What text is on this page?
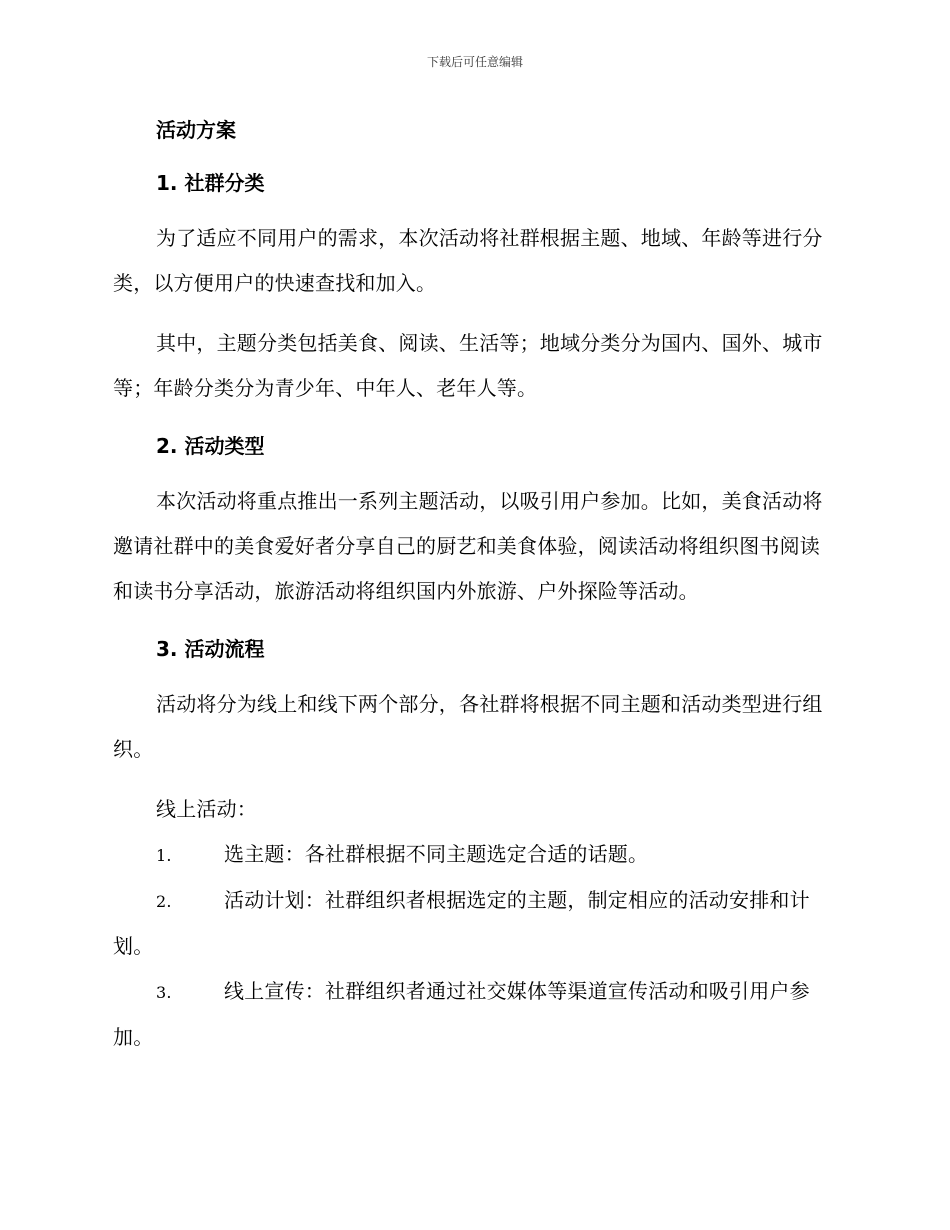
下载后可任意编辑
活动方案
1. 社群分类

为了适应不同用户的需求，本次活动将社群根据主题、地域、年龄等进行分类，以方便用户的快速查找和加入。

其中，主题分类包括美食、阅读、生活等；地域分类分为国内、国外、城市等；年龄分类分为青少年、中年人、老年人等。

2. 活动类型

本次活动将重点推出一系列主题活动，以吸引用户参加。比如，美食活动将邀请社群中的美食爱好者分享自己的厨艺和美食体验，阅读活动将组织图书阅读和读书分享活动，旅游活动将组织国内外旅游、户外探险等活动。

3. 活动流程

活动将分为线上和线下两个部分，各社群将根据不同主题和活动类型进行组织。

线上活动：

1.	选主题：各社群根据不同主题选定合适的话题。

2.	活动计划：社群组织者根据选定的主题，制定相应的活动安排和计划。

3.	线上宣传：社群组织者通过社交媒体等渠道宣传活动和吸引用户参加。
